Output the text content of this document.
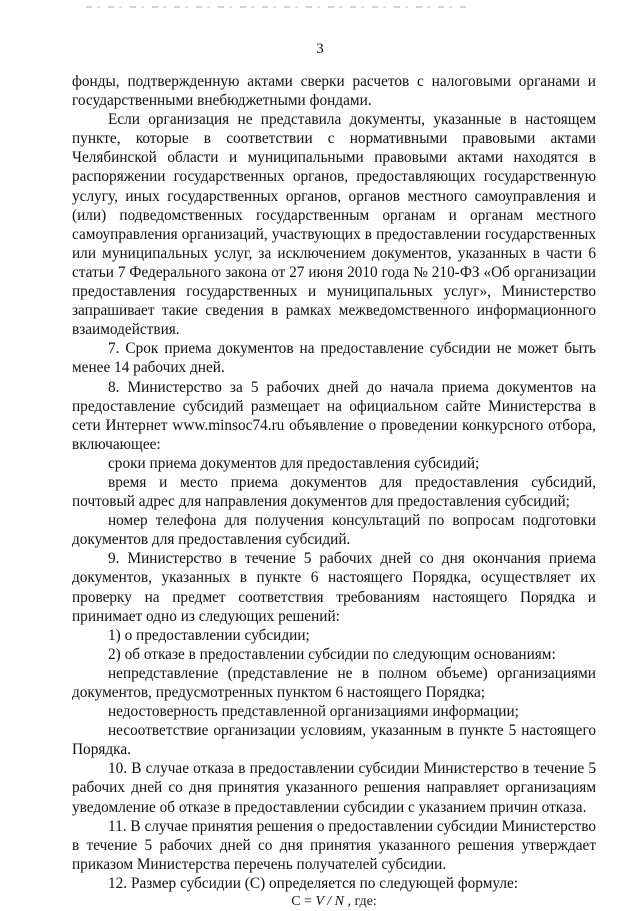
3

фонды, подтвержденную актами сверки расчетов с налоговыми органами и государственными внебюджетными фондами.

Если организация не представила документы, указанные в настоящем пункте, которые в соответствии с нормативными правовыми актами Челябинской области и муниципальными правовыми актами находятся в распоряжении государственных органов, предоставляющих государственную услугу, иных государственных органов, органов местного самоуправления и (или) подведомственных государственным органам и органам местного самоуправления организаций, участвующих в предоставлении государственных или муниципальных услуг, за исключением документов, указанных в части 6 статьи 7 Федерального закона от 27 июня 2010 года № 210-ФЗ «Об организации предоставления государственных и муниципальных услуг», Министерство запрашивает такие сведения в рамках межведомственного информационного взаимодействия.

7. Срок приема документов на предоставление субсидии не может быть менее 14 рабочих дней.

8. Министерство за 5 рабочих дней до начала приема документов на предоставление субсидий размещает на официальном сайте Министерства в сети Интернет www.minsoc74.ru объявление о проведении конкурсного отбора, включающее:

сроки приема документов для предоставления субсидий;

время и место приема документов для предоставления субсидий, почтовый адрес для направления документов для предоставления субсидий;

номер телефона для получения консультаций по вопросам подготовки документов для предоставления субсидий.

9. Министерство в течение 5 рабочих дней со дня окончания приема документов, указанных в пункте 6 настоящего Порядка, осуществляет их проверку на предмет соответствия требованиям настоящего Порядка и принимает одно из следующих решений:

1) о предоставлении субсидии;

2) об отказе в предоставлении субсидии по следующим основаниям:

непредставление (представление не в полном объеме) организациями документов, предусмотренных пунктом 6 настоящего Порядка;

недостоверность представленной организациями информации;

несоответствие организации условиям, указанным в пункте 5 настоящего Порядка.

10. В случае отказа в предоставлении субсидии Министерство в течение 5 рабочих дней со дня принятия указанного решения направляет организациям уведомление об отказе в предоставлении субсидии с указанием причин отказа.

11. В случае принятия решения о предоставлении субсидии Министерство в течение 5 рабочих дней со дня принятия указанного решения утверждает приказом Министерства перечень получателей субсидии.

12. Размер субсидии (С) определяется по следующей формуле:

С = V / N , где:
